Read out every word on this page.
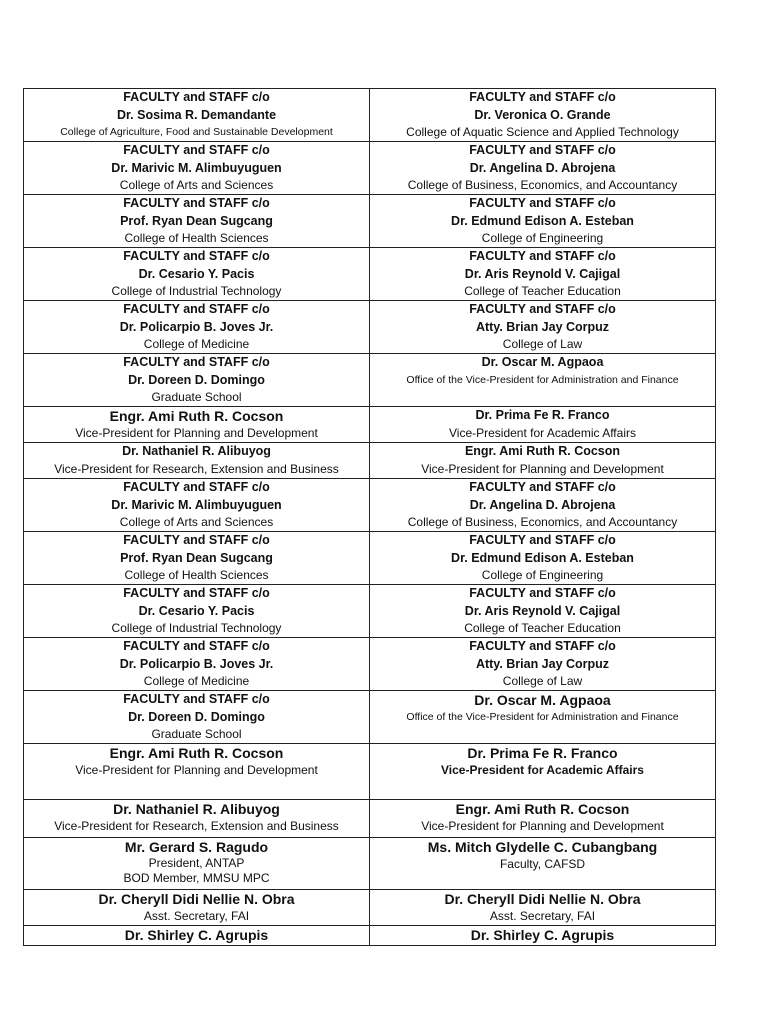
FACULTY and STAFF c/o
Dr. Sosima R. Demandante
College of Agriculture, Food and Sustainable Development	FACULTY and STAFF c/o
Dr. Veronica O. Grande
College of Aquatic Science and Applied Technology

FACULTY and STAFF c/o
Dr. Marivic M. Alimbuyuguen
College of Arts and Sciences	FACULTY and STAFF c/o
Dr. Angelina D. Abrojena
College of Business, Economics, and Accountancy

FACULTY and STAFF c/o
Prof. Ryan Dean Sugcang
College of Health Sciences	FACULTY and STAFF c/o
Dr. Edmund Edison A. Esteban
College of Engineering

FACULTY and STAFF c/o
Dr. Cesario Y. Pacis
College of Industrial Technology	FACULTY and STAFF c/o
Dr. Aris Reynold V. Cajigal
College of Teacher Education

FACULTY and STAFF c/o
Dr. Policarpio B. Joves Jr.
College of Medicine	FACULTY and STAFF c/o
Atty. Brian Jay Corpuz
College of Law

FACULTY and STAFF c/o
Dr. Doreen D. Domingo
Graduate School	Dr. Oscar M. Agpaoa
Office of the Vice-President for Administration and Finance

Engr. Ami Ruth R. Cocson
Vice-President for Planning and Development	Dr. Prima Fe R. Franco
Vice-President for Academic Affairs

Dr. Nathaniel R. Alibuyog
Vice-President for Research, Extension and Business	Engr. Ami Ruth R. Cocson
Vice-President for Planning and Development

FACULTY and STAFF c/o
Dr. Marivic M. Alimbuyuguen
College of Arts and Sciences	FACULTY and STAFF c/o
Dr. Angelina D. Abrojena
College of Business, Economics, and Accountancy

FACULTY and STAFF c/o
Prof. Ryan Dean Sugcang
College of Health Sciences	FACULTY and STAFF c/o
Dr. Edmund Edison A. Esteban
College of Engineering

FACULTY and STAFF c/o
Dr. Cesario Y. Pacis
College of Industrial Technology	FACULTY and STAFF c/o
Dr. Aris Reynold V. Cajigal
College of Teacher Education

FACULTY and STAFF c/o
Dr. Policarpio B. Joves Jr.
College of Medicine	FACULTY and STAFF c/o
Atty. Brian Jay Corpuz
College of Law

FACULTY and STAFF c/o
Dr. Doreen D. Domingo
Graduate School	Dr. Oscar M. Agpaoa
Office of the Vice-President for Administration and Finance

Engr. Ami Ruth R. Cocson
Vice-President for Planning and Development	Dr. Prima Fe R. Franco
Vice-President for Academic Affairs

Dr. Nathaniel R. Alibuyog
Vice-President for Research, Extension and Business	Engr. Ami Ruth R. Cocson
Vice-President for Planning and Development

Mr. Gerard S. Ragudo
President, ANTAP
BOD Member, MMSU MPC	Ms. Mitch Glydelle C. Cubangbang
Faculty, CAFSD

Dr. Cheryll Didi Nellie N. Obra
Asst. Secretary, FAI	Dr. Cheryll Didi Nellie N. Obra
Asst. Secretary, FAI

Dr. Shirley C. Agrupis	Dr. Shirley C. Agrupis
